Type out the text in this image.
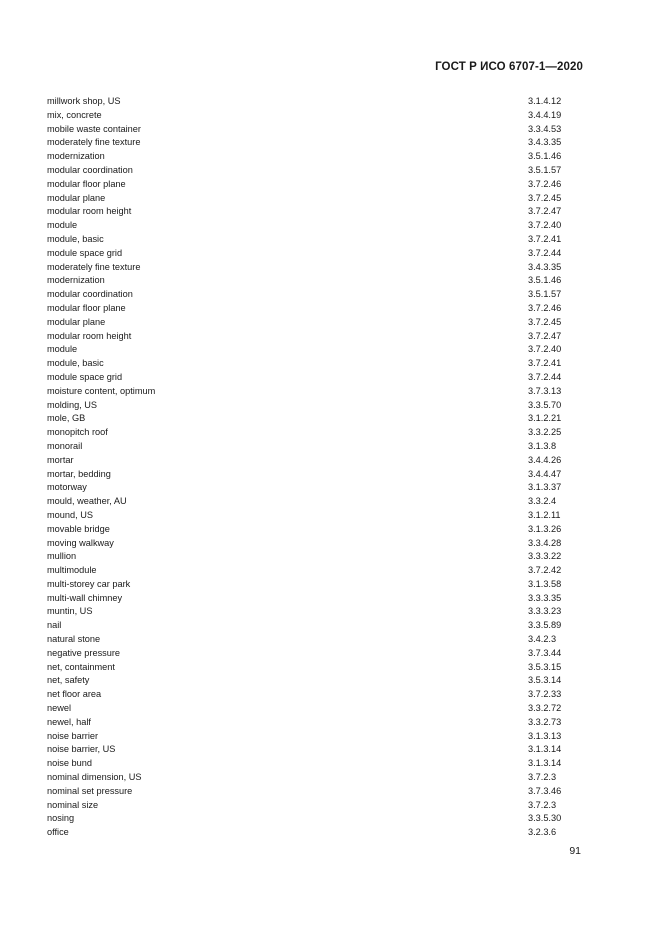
ГОСТ Р ИСО 6707-1—2020
millwork shop, US	3.1.4.12
mix, concrete	3.4.4.19
mobile waste container	3.3.4.53
moderately fine texture	3.4.3.35
modernization	3.5.1.46
modular coordination	3.5.1.57
modular floor plane	3.7.2.46
modular plane	3.7.2.45
modular room height	3.7.2.47
module	3.7.2.40
module, basic	3.7.2.41
module space grid	3.7.2.44
moderately fine texture	3.4.3.35
modernization	3.5.1.46
modular coordination	3.5.1.57
modular floor plane	3.7.2.46
modular plane	3.7.2.45
modular room height	3.7.2.47
module	3.7.2.40
module, basic	3.7.2.41
module space grid	3.7.2.44
moisture content, optimum	3.7.3.13
molding, US	3.3.5.70
mole, GB	3.1.2.21
monopitch roof	3.3.2.25
monorail	3.1.3.8
mortar	3.4.4.26
mortar, bedding	3.4.4.47
motorway	3.1.3.37
mould, weather, AU	3.3.2.4
mound, US	3.1.2.11
movable bridge	3.1.3.26
moving walkway	3.3.4.28
mullion	3.3.3.22
multimodule	3.7.2.42
multi-storey car park	3.1.3.58
multi-wall chimney	3.3.3.35
muntin, US	3.3.3.23
nail	3.3.5.89
natural stone	3.4.2.3
negative pressure	3.7.3.44
net, containment	3.5.3.15
net, safety	3.5.3.14
net floor area	3.7.2.33
newel	3.3.2.72
newel, half	3.3.2.73
noise barrier	3.1.3.13
noise barrier, US	3.1.3.14
noise bund	3.1.3.14
nominal dimension, US	3.7.2.3
nominal set pressure	3.7.3.46
nominal size	3.7.2.3
nosing	3.3.5.30
office	3.2.3.6
91
